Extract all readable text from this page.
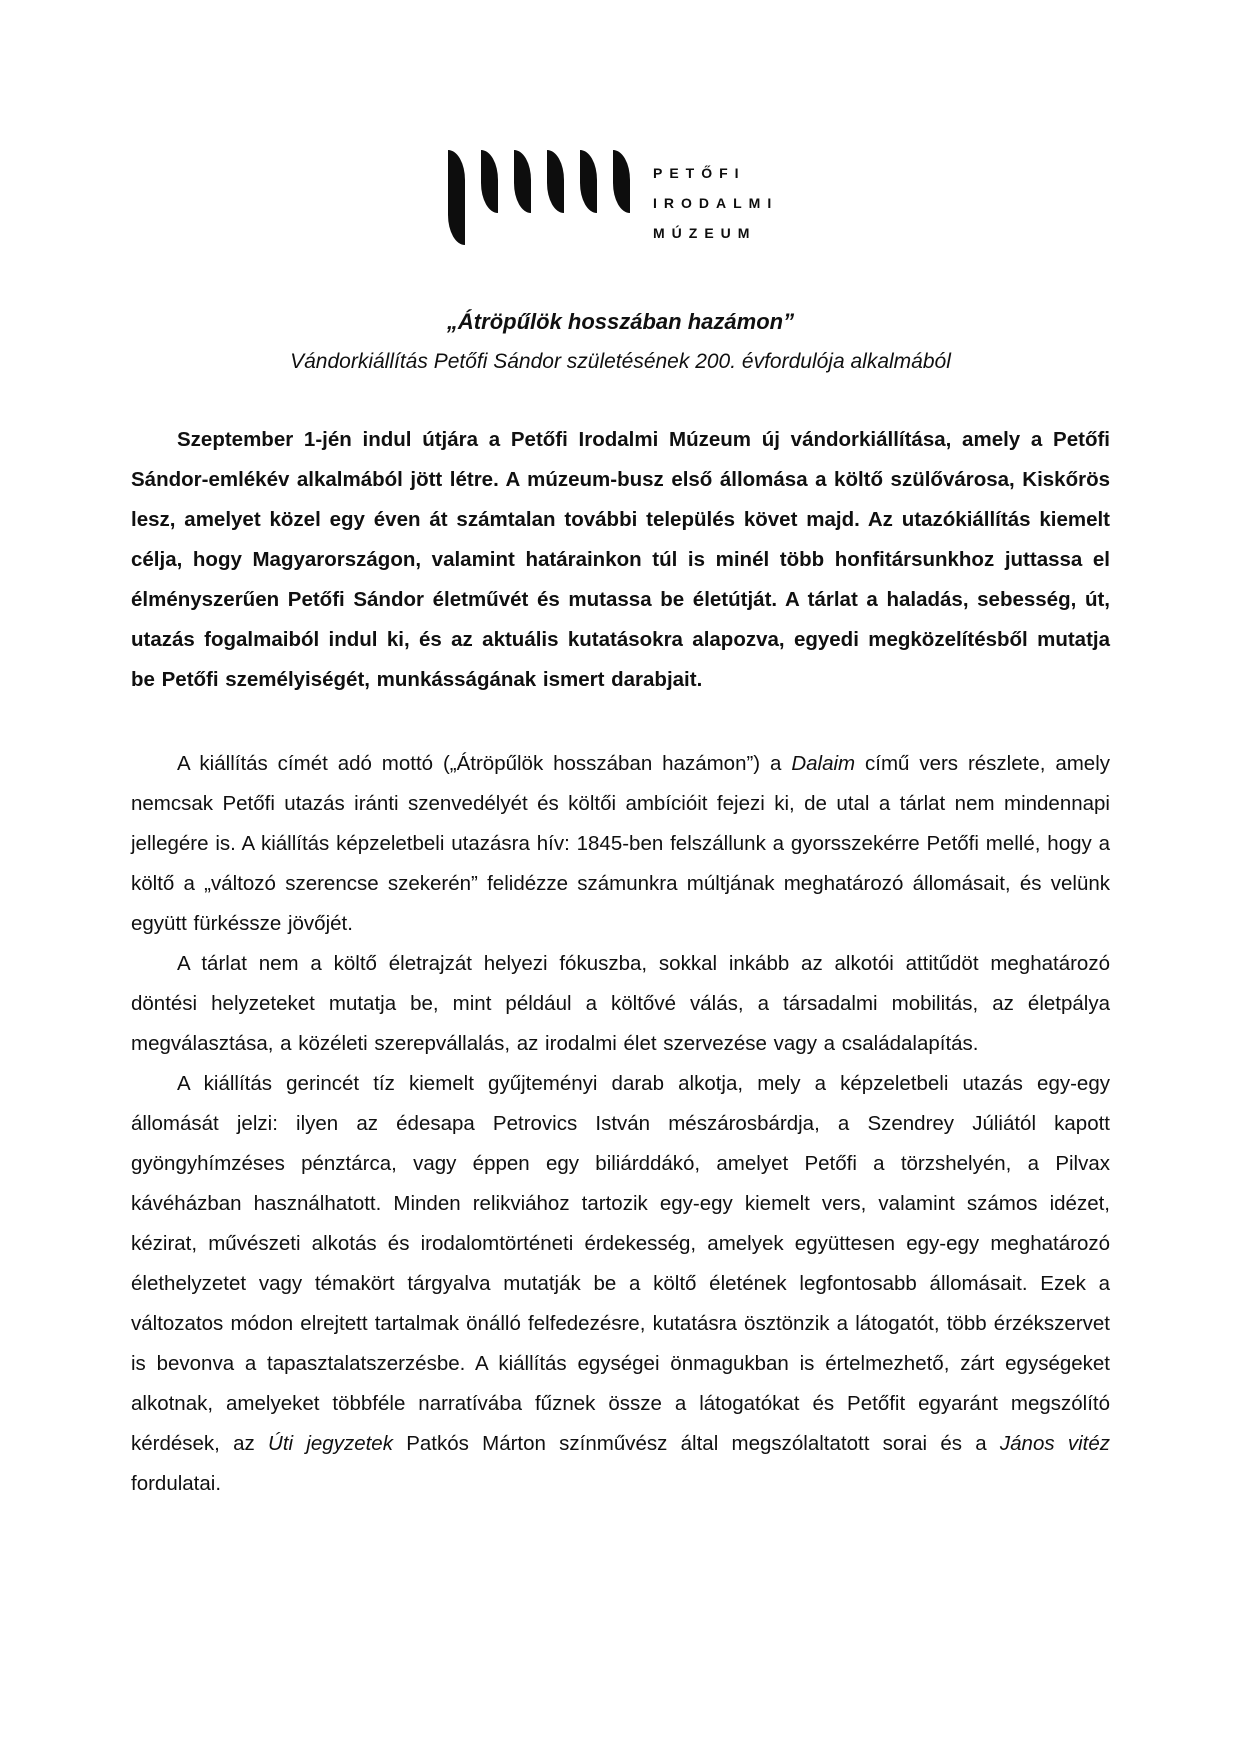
PETŐFI
IRODALMI
MÚZEUM
„Átröpűlök hosszában hazámon”
Vándorkiállítás Petőfi Sándor születésének 200. évfordulója alkalmából

Szeptember 1-jén indul útjára a Petőfi Irodalmi Múzeum új vándorkiállítása, amely a Petőfi Sándor-emlékév alkalmából jött létre. A múzeum-busz első állomása a költő szülővárosa, Kiskőrös lesz, amelyet közel egy éven át számtalan további település követ majd. Az utazókiállítás kiemelt célja, hogy Magyarországon, valamint határainkon túl is minél több honfitársunkhoz juttassa el élményszerűen Petőfi Sándor életművét és mutassa be életútját. A tárlat a haladás, sebesség, út, utazás fogalmaiból indul ki, és az aktuális kutatásokra alapozva, egyedi megközelítésből mutatja be Petőfi személyiségét, munkásságának ismert darabjait.

A kiállítás címét adó mottó („Átröpűlök hosszában hazámon”) a Dalaim című vers részlete, amely nemcsak Petőfi utazás iránti szenvedélyét és költői ambícióit fejezi ki, de utal a tárlat nem mindennapi jellegére is. A kiállítás képzeletbeli utazásra hív: 1845-ben felszállunk a gyorsszekérre Petőfi mellé, hogy a költő a „változó szerencse szekerén” felidézze számunkra múltjának meghatározó állomásait, és velünk együtt fürkéssze jövőjét.

A tárlat nem a költő életrajzát helyezi fókuszba, sokkal inkább az alkotói attitűdöt meghatározó döntési helyzeteket mutatja be, mint például a költővé válás, a társadalmi mobilitás, az életpálya megválasztása, a közéleti szerepvállalás, az irodalmi élet szervezése vagy a családalapítás.

A kiállítás gerincét tíz kiemelt gyűjteményi darab alkotja, mely a képzeletbeli utazás egy-egy állomását jelzi: ilyen az édesapa Petrovics István mészárosbárdja, a Szendrey Júliától kapott gyöngyhímzéses pénztárca, vagy éppen egy biliárddákó, amelyet Petőfi a törzshelyén, a Pilvax kávéházban használhatott. Minden relikviához tartozik egy-egy kiemelt vers, valamint számos idézet, kézirat, művészeti alkotás és irodalomtörténeti érdekesség, amelyek együttesen egy-egy meghatározó élethelyzetet vagy témakört tárgyalva mutatják be a költő életének legfontosabb állomásait. Ezek a változatos módon elrejtett tartalmak önálló felfedezésre, kutatásra ösztönzik a látogatót, több érzékszervet is bevonva a tapasztalatszerzésbe. A kiállítás egységei önmagukban is értelmezhető, zárt egységeket alkotnak, amelyeket többféle narratívába fűznek össze a látogatókat és Petőfit egyaránt megszólító kérdések, az Úti jegyzetek Patkós Márton színművész által megszólaltatott sorai és a János vitéz fordulatai.
